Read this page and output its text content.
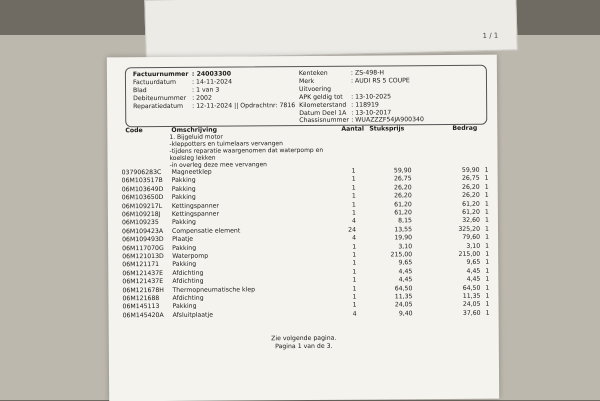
1 / 1
Factuurnummer : 24003300
Factuurdatum	: 14-11-2024
Blad	: 1 van 3
Debiteurnummer : 2002
Reparatiedatum : 12-11-2024 || Opdrachtnr: 7816
Kenteken	: ZS-498-H
Merk	: AUDI RS 5 COUPE
Uitvoering
APK geldig tot : 13-10-2025
Kilometerstand : 118919
Datum Deel 1A : 13-10-2017
Chassisnummer : WUAZZZF54JA900340
Code	Omschrijving	Aantal Stuksprijs	Bedrag
1. Bijgeluid motor
-kleppotters en tuimelaars vervangen
-tijdens reparatie waargenomen dat waterpomp en
koelsleg lekken
-in overleg deze mee vervangen
037906283C Magneetklep	1	59,90	59,90 1
06M103517B Pakking	1	26,75	26,75 1
06M103649D Pakking	1	26,20	26,20 1
06M103650D Pakking	1	26,20	26,20 1
06M109217L Kettingspanner	1	61,20	61,20 1
06M109218J Kettingspanner	1	61,20	61,20 1
06M109235 Pakking	4	8,15	32,60 1
06M109423A Compensatie element	24	13,55	325,20 1
06M109493D Plaatje	4	19,90	79,60 1
06M117070G Pakking	1	3,10	3,10 1
06M121013D Waterpomp	1	215,00	215,00 1
06M121171 Pakking	1	9,65	9,65 1
06M121437E Afdichting	1	4,45	4,45 1
06M121437E Afdichting	1	4,45	4,45 1
06M121678H Thermopneumatische klep	1	64,50	64,50 1
06M121688 Afdichting	1	11,35	11,35 1
06M145113 Pakking	1	24,05	24,05 1
06M145420A Afsluitplaatje	4	9,40	37,60 1
Zie volgende pagina.
Pagina 1 van de 3.
